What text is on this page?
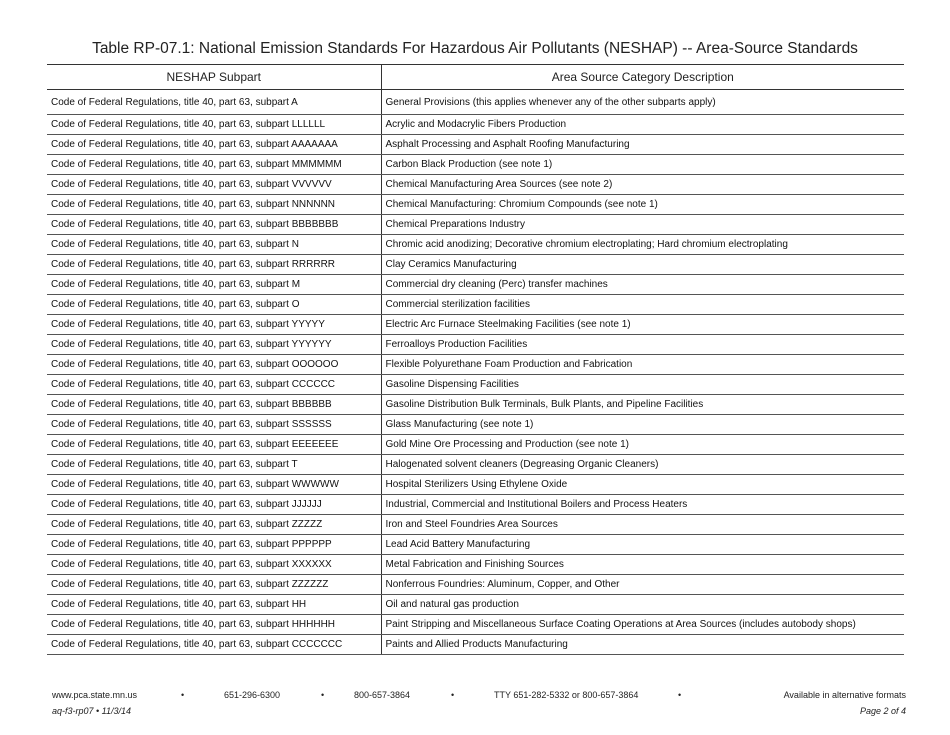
Table RP-07.1: National Emission Standards For Hazardous Air Pollutants (NESHAP) -- Area-Source Standards
NESHAP Subpart	Area Source Category Description
Code of Federal Regulations, title 40, part 63, subpart A	General Provisions (this applies whenever any of the other subparts apply)
Code of Federal Regulations, title 40, part 63, subpart LLLLLL	Acrylic and Modacrylic Fibers Production
Code of Federal Regulations, title 40, part 63, subpart AAAAAAA	Asphalt Processing and Asphalt Roofing Manufacturing
Code of Federal Regulations, title 40, part 63, subpart MMMMMM	Carbon Black Production (see note 1)
Code of Federal Regulations, title 40, part 63, subpart VVVVVV	Chemical Manufacturing Area Sources (see note 2)
Code of Federal Regulations, title 40, part 63, subpart NNNNNN	Chemical Manufacturing: Chromium Compounds (see note 1)
Code of Federal Regulations, title 40, part 63, subpart BBBBBBB	Chemical Preparations Industry
Code of Federal Regulations, title 40, part 63, subpart N	Chromic acid anodizing; Decorative chromium electroplating; Hard chromium electroplating
Code of Federal Regulations, title 40, part 63, subpart RRRRRR	Clay Ceramics Manufacturing
Code of Federal Regulations, title 40, part 63, subpart M	Commercial dry cleaning (Perc) transfer machines
Code of Federal Regulations, title 40, part 63, subpart O	Commercial sterilization facilities
Code of Federal Regulations, title 40, part 63, subpart YYYYY	Electric Arc Furnace Steelmaking Facilities (see note 1)
Code of Federal Regulations, title 40, part 63, subpart YYYYYY	Ferroalloys Production Facilities
Code of Federal Regulations, title 40, part 63, subpart OOOOOO	Flexible Polyurethane Foam Production and Fabrication
Code of Federal Regulations, title 40, part 63, subpart CCCCCC	Gasoline Dispensing Facilities
Code of Federal Regulations, title 40, part 63, subpart BBBBBB	Gasoline Distribution Bulk Terminals, Bulk Plants, and Pipeline Facilities
Code of Federal Regulations, title 40, part 63, subpart SSSSSS	Glass Manufacturing (see note 1)
Code of Federal Regulations, title 40, part 63, subpart EEEEEEE	Gold Mine Ore Processing and Production (see note 1)
Code of Federal Regulations, title 40, part 63, subpart T	Halogenated solvent cleaners (Degreasing Organic Cleaners)
Code of Federal Regulations, title 40, part 63, subpart WWWWW	Hospital Sterilizers Using Ethylene Oxide
Code of Federal Regulations, title 40, part 63, subpart JJJJJJ	Industrial, Commercial and Institutional Boilers and Process Heaters
Code of Federal Regulations, title 40, part 63, subpart ZZZZZ	Iron and Steel Foundries Area Sources
Code of Federal Regulations, title 40, part 63, subpart PPPPPP	Lead Acid Battery Manufacturing
Code of Federal Regulations, title 40, part 63, subpart XXXXXX	Metal Fabrication and Finishing Sources
Code of Federal Regulations, title 40, part 63, subpart ZZZZZZ	Nonferrous Foundries: Aluminum, Copper, and Other
Code of Federal Regulations, title 40, part 63, subpart HH	Oil and natural gas production
Code of Federal Regulations, title 40, part 63, subpart HHHHHH	Paint Stripping and Miscellaneous Surface Coating Operations at Area Sources (includes autobody shops)
Code of Federal Regulations, title 40, part 63, subpart CCCCCCC	Paints and Allied Products Manufacturing
www.pca.state.mn.us	•	651-296-6300	•	800-657-3864	•	TTY 651-282-5332 or 800-657-3864	•	Available in alternative formats
aq-f3-rp07 • 11/3/14	Page 2 of 4
